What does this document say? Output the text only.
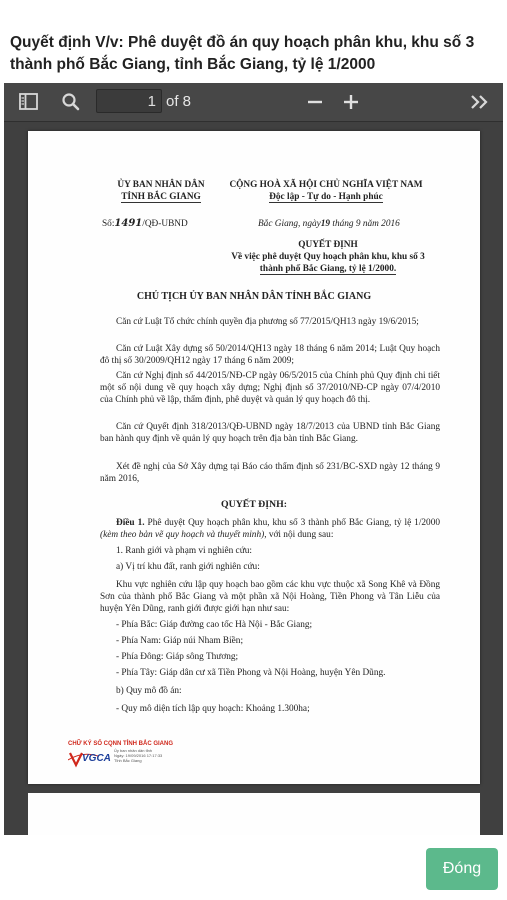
Quyết định V/v: Phê duyệt đồ án quy hoạch phân khu, khu số 3 thành phố Bắc Giang, tỉnh Bắc Giang, tỷ lệ 1/2000
1
of 8
ỦY BAN NHÂN DÂN
TỈNH BẮC GIANG
CỘNG HOÀ XÃ HỘI CHỦ NGHĨA VIỆT NAM
Độc lập - Tự do - Hạnh phúc
Số:1491/QĐ-UBND	Bắc Giang, ngày19 tháng 9 năm 2016
QUYẾT ĐỊNH
Về việc phê duyệt Quy hoạch phân khu, khu số 3
thành phố Bắc Giang, tỷ lệ 1/2000.
CHỦ TỊCH ỦY BAN NHÂN DÂN TỈNH BẮC GIANG
Căn cứ Luật Tổ chức chính quyền địa phương số 77/2015/QH13 ngày 19/6/2015;
Căn cứ Luật Xây dựng số 50/2014/QH13 ngày 18 tháng 6 năm 2014; Luật Quy hoạch đô thị số 30/2009/QH12 ngày 17 tháng 6 năm 2009;
Căn cứ Nghị định số 44/2015/NĐ-CP ngày 06/5/2015 của Chính phủ Quy định chi tiết một số nội dung về quy hoạch xây dựng; Nghị định số 37/2010/NĐ-CP ngày 07/4/2010 của Chính phủ về lập, thẩm định, phê duyệt và quản lý quy hoạch đô thị.
Căn cứ Quyết định 318/2013/QĐ-UBND ngày 18/7/2013 của UBND tỉnh Bắc Giang ban hành quy định về quản lý quy hoạch trên địa bàn tỉnh Bắc Giang.
Xét đề nghị của Sở Xây dựng tại Báo cáo thẩm định số 231/BC-SXD ngày 12 tháng 9 năm 2016,
QUYẾT ĐỊNH:
Điều 1. Phê duyệt Quy hoạch phân khu, khu số 3 thành phố Bắc Giang, tỷ lệ 1/2000 (kèm theo bản vẽ quy hoạch và thuyết minh), với nội dung sau:
1. Ranh giới và phạm vi nghiên cứu:
a) Vị trí khu đất, ranh giới nghiên cứu:
Khu vực nghiên cứu lập quy hoạch bao gồm các khu vực thuộc xã Song Khê và Đồng Sơn của thành phố Bắc Giang và một phần xã Nội Hoàng, Tiền Phong và Tân Liễu của huyện Yên Dũng, ranh giới được giới hạn như sau:
- Phía Bắc: Giáp đường cao tốc Hà Nội - Bắc Giang;
- Phía Nam: Giáp núi Nham Biền;
- Phía Đông: Giáp sông Thương;
- Phía Tây: Giáp dân cư xã Tiền Phong và Nội Hoàng, huyện Yên Dũng.
b) Quy mô đồ án:
- Quy mô diện tích lập quy hoạch: Khoảng 1.300ha;
CHỮ KÝ SỐ CQNN TỈNH BẮC GIANG
VGCA
Ủy ban nhân dân tỉnh
Ngày: 19/09/2016 17:17:33
Tỉnh Bắc Giang
Đóng
